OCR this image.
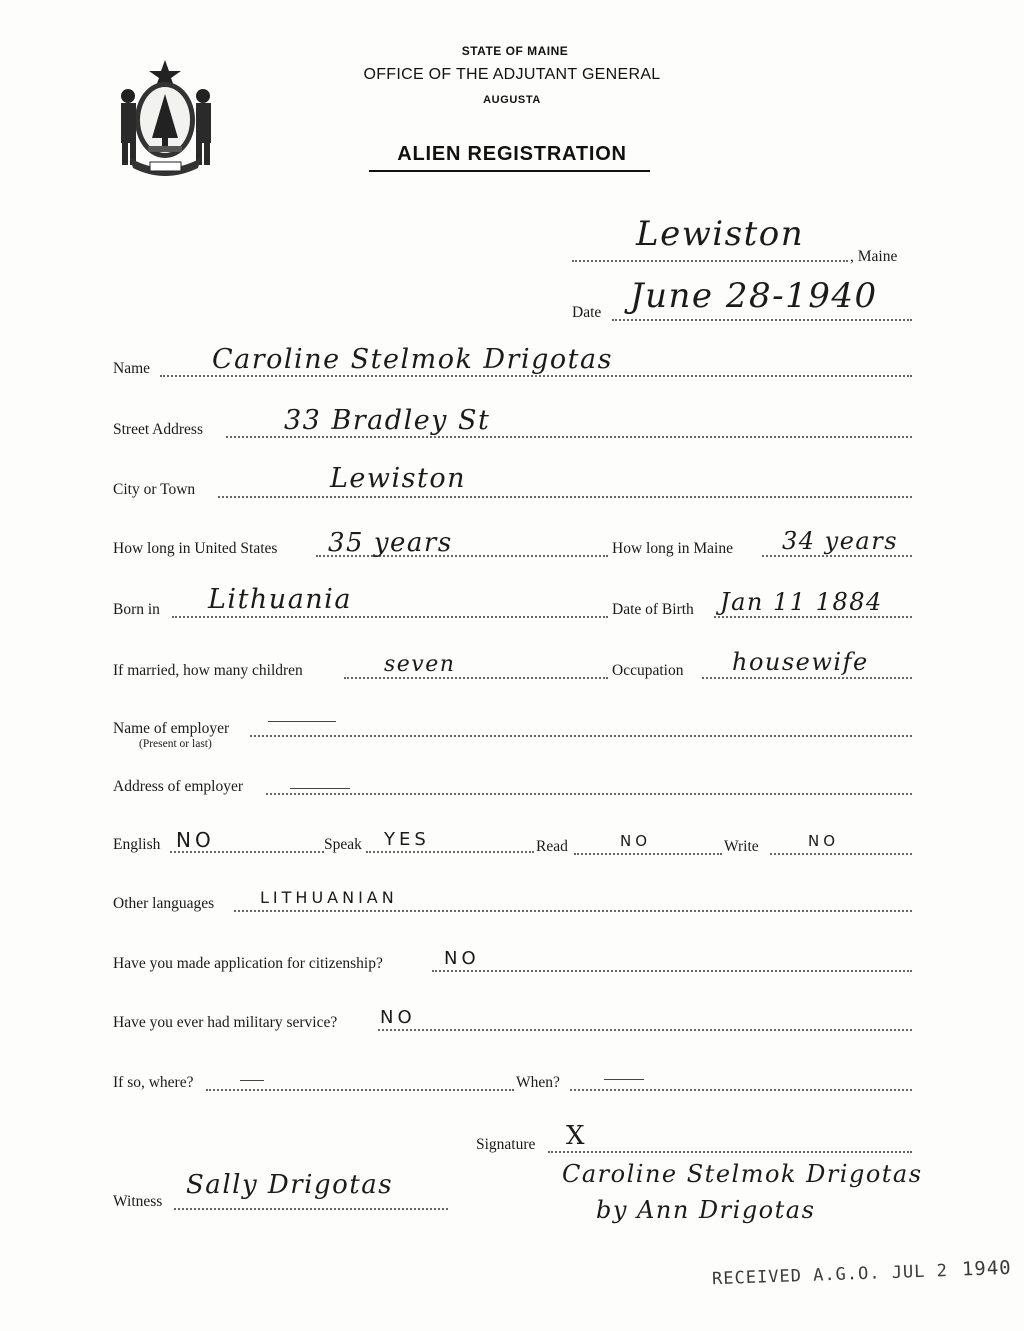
STATE OF MAINE
OFFICE OF THE ADJUTANT GENERAL
AUGUSTA
ALIEN REGISTRATION
Lewiston
, Maine
Date June 28-1940
Name Caroline Stelmok Drigotas
Street Address	33 Bradley St
City or Town	Lewiston
How long in United States 35 years	How long in Maine 34 years
Born in Lithuania	Date of Birth Jan 11 1884
If married, how many children	seven	Occupation housewife
Name of employer
(Present or last)
Address of employer
English NO	Speak YES	Read	NO	Write	NO
Other languages	LITHUANIAN
Have you made application for citizenship?	NO
Have you ever had military service? NO
If so, where?	When?
Signature X
Caroline Stelmok Drigotas
by Ann Drigotas
Witness
Sally Drigotas
RECEIVED A.G.O. JUL 2 1940
